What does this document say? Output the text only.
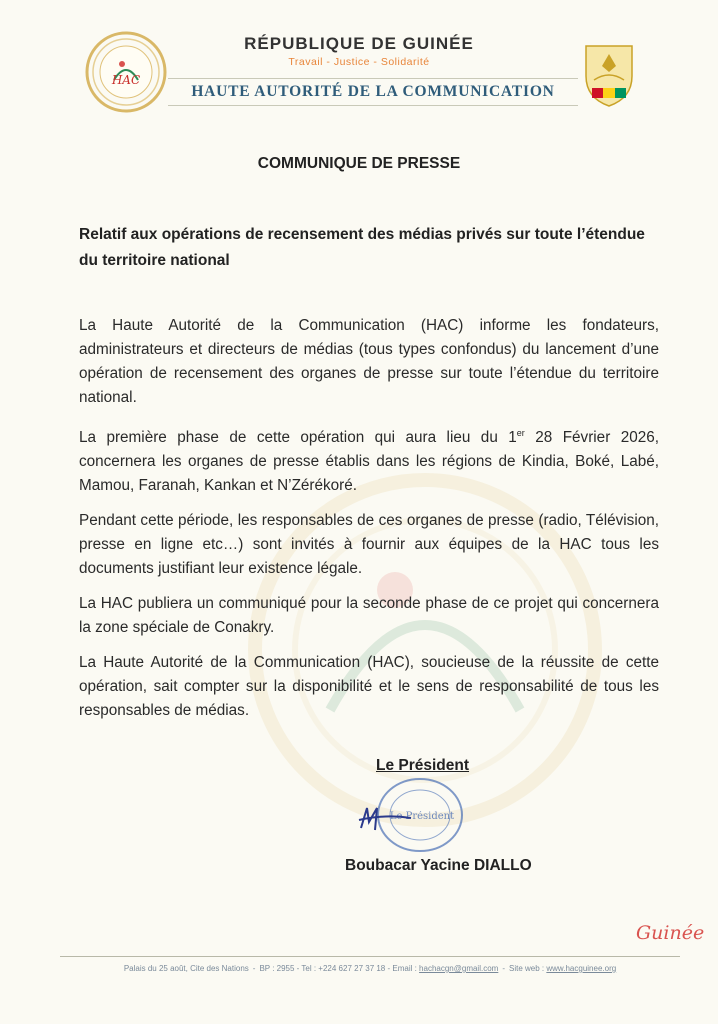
HAC
RÉPUBLIQUE DE GUINÉE
Travail - Justice - Solidarité
HAUTE AUTORITÉ DE LA COMMUNICATION
COMMUNIQUE DE PRESSE
Relatif aux opérations de recensement des médias privés sur toute l’étendue du territoire national

La Haute Autorité de la Communication (HAC) informe les fondateurs, administrateurs et directeurs de médias (tous types confondus) du lancement d’une opération de recensement des organes de presse sur toute l’étendue du territoire national.

La première phase de cette opération qui aura lieu du 1er 28 Février 2026, concernera les organes de presse établis dans les régions de Kindia, Boké, Labé, Mamou, Faranah, Kankan et N’Zérékoré.

Pendant cette période, les responsables de ces organes de presse (radio, Télévision, presse en ligne etc…) sont invités à fournir aux équipes de la HAC tous les documents justifiant leur existence légale.

La HAC publiera un communiqué pour la seconde phase de ce projet qui concernera la zone spéciale de Conakry.

La Haute Autorité de la Communication (HAC), soucieuse de la réussite de cette opération, sait compter sur la disponibilité et le sens de responsabilité de tous les responsables de médias.

Le Président
Le Président
Boubacar Yacine DIALLO
Guinée
Palais du 25 août, Cite des Nations - BP : 2955 - Tel : +224 627 27 37 18 - Email : hachacgn@gmail.com - Site web : www.hacguinee.org
